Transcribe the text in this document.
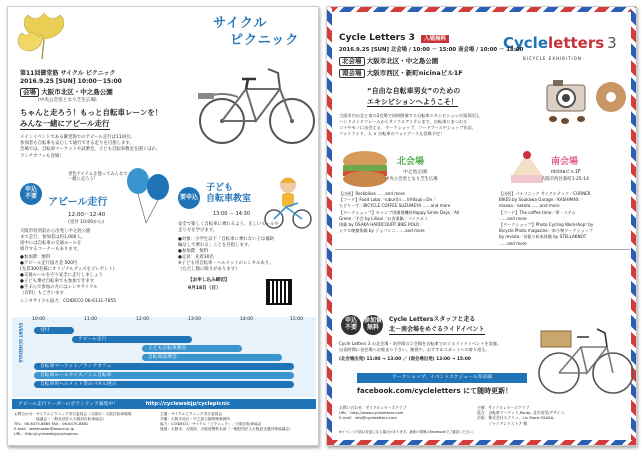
サイクル
ピクニック
第11回御堂筋 サイクル ピクニック
2016.9.25 [SUN] 10:00－15:00
会場 大阪市北区・中之島公園
(中央公会堂となり芝生広場)
ちゃんと走ろう！もっと自転車レーンを！
みんな一緒にアピール走行
メインイベントである御堂筋でのアピール走行は11回目。
参加者も自転車も安心して通行できる走りを目指します。
会場では、自転車マーケットや試乗会、子ども自転車教室を開くほか、
ランチカフェも登場！
申込
不要
青色アイテムを使ってみんなで一緒に走ろう！
アピール走行
12:00－12:40
(受付 10:00から)
大阪市役所前から出発し中之島公園
まで走行、参加者は約1,000人。
途中には自転車の交通ルールを
紹介するコーナーもあります。
●参加費：無料
●アピール走行協力金 500円
(先着300名様にオリジナルグッズをプレゼント)
●交通ルールを守り安全に走行しましょう
●子ども乗せ自転車でも参加できます
●手ぶらで参加の方にはレンタサイクル
（有料）もございます
レンタサイクル協力：COIDECO 06-6131-7855
要申込
子ども
自転車教室
13:00 － 14:30
安全で楽しく自転車に乗れるよう、正しいルールや
走り方を学びます。
●対象：小学生以下「自転車に乗れない子は補助
輪なしで乗れる」ことを目指します。
●参加費：無料
●定員：先着30名
※子ども用自転車・ヘルメットのレンタルあり。
（ただし数に限りがあります）
【お申し込み締切】
9月18日（日）
EVENT SCHEDULE
10:00	11:00	12:00	13:00	14:00	15:00
受付
アピール走行
子ども自転車教室
自転車試乗会
自転車マーケット／ランチカフェ
自転車ルールクイズ／ミニ自転車
自転車用ヘルメット等のパネル展示
アピール走行リーダーのボランティア募集中！	http://cyclewebjp/cyclepicnic
お問合わせ：サイクルピクニック実行委員会（大阪市・大阪自転車環境
　　　　　　協議会・一般社団法人大阪府自転車協会）
TEL：06-6475-8885 FAX：06-6475-8881
E-mail：webmaster@azorai.or.jp
URL：http://cyclewebjp/cyclepicnic
主催：サイクルピクニック実行委員会
共催：大阪市北区・中之島公園管理事務所
協力：COIDECO／サイクル「ピクニック」／大阪自転車協会
後援：大阪市、大阪府、大阪府警察本部（一般財団法人大阪府交通対策協議会）
Cycle Letters 3 入場無料	Cycleletters 3
BICYCLE EXHIBITION
2016.9.25 [SUN] 北会場 / 10:00 － 15:00 南会場 / 10:00 － 18:00
北会場 大阪市北区・中之島公園
南会場 大阪市西区・新町nicinaビル1F
“自由な自転車男女”のための
エキシビションへようこそ！
大阪市内の北と南の2会場で同時開催する自転車エキシビションの第3回目。
ハンドメイドフレームからサイクルアイテムまで、自転車にまつわる
コトやモノに出会える、ワークショップ、フードブースやショップ出店、
フォトライド、人 × 自転車のフォトブースも登場予定！
北会場
中之島公園
中央公会堂となり芝生広場
【出展】Rockbikes ……and more
【フード】Food Labo／ruburi(ル…)/Hitsuji＝De／
ちどりーず／BICYCLE COFFEE SUZUMEYA ……and more
【ワークショップ】キャンプ用調理機材Happy Smile Days／All
Green／手芸 by Liliooi／お食事鍋／パイクポイ
体験 by OSAKA HARDCOURT BIKE POLO／
シクロ晩餐体験 by ジョバンニ ……and more
南会場
nicinaビル1F
大阪市西区新町1-25-14
【出展】パナソニック サイクルテック／CORNER
BIKES by Soukawa Garage／KASHIMAX／
maxoa／sakota ……and more
【フード】The coffee time／夢・ステム
……and more
【ワークショップ】Photo Cycling Workshop! by
Bicycle Photo magazine／車小物ワークショップ
by revista／首振り絵本体験 by STELLAKNOT
……and more
申込
不要
参加費
無料
Cycle Lettersスタッフと走る
北－南会場をめぐるライドイベント
Cycle Letters 3 の北会場・南会場の２会場を自転車でめぐるライドイベントを実施。
出発時間に各会場へお集まり下さい。雑貨や、おすすめスポットへの寄り道も。
(北会場出発) 11:00 → 13:00 ／ (南会場出発) 13:00 → 15:00
ワークショップ、イベントスケジュール等詳細
facebook.com/cycleletters にて随時更新！
お問い合わせ：サイクルレターズクラブ
URL：http://www.cycleletters.com
E-mail：info@cycleletters.com
主催：サイクルレターズクラブ
協力：自転車マーケット,Ponta, 北川英里/デザイン,
企画：株式会社エクリュ、Liv Store OSAKA,
　　　ジャイアントストア 梅
※イベント内容は変更になる場合があります。最新の情報はFacebookでご確認ください。
